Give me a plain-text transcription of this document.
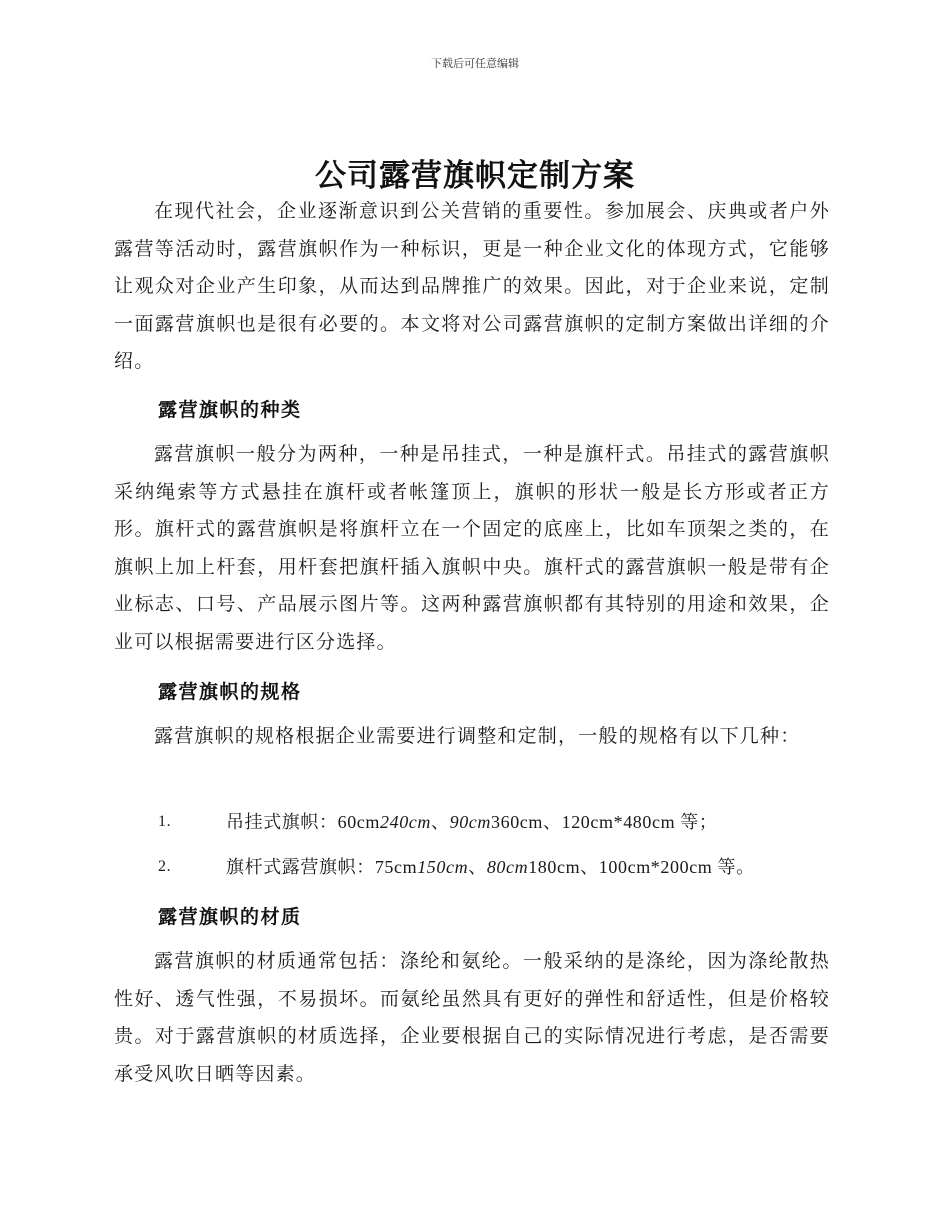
下载后可任意编辑
公司露营旗帜定制方案

在现代社会，企业逐渐意识到公关营销的重要性。参加展会、庆典或者户外露营等活动时，露营旗帜作为一种标识，更是一种企业文化的体现方式，它能够让观众对企业产生印象，从而达到品牌推广的效果。因此，对于企业来说，定制一面露营旗帜也是很有必要的。本文将对公司露营旗帜的定制方案做出详细的介绍。

露营旗帜的种类

露营旗帜一般分为两种，一种是吊挂式，一种是旗杆式。吊挂式的露营旗帜采纳绳索等方式悬挂在旗杆或者帐篷顶上，旗帜的形状一般是长方形或者正方形。旗杆式的露营旗帜是将旗杆立在一个固定的底座上，比如车顶架之类的，在旗帜上加上杆套，用杆套把旗杆插入旗帜中央。旗杆式的露营旗帜一般是带有企业标志、口号、产品展示图片等。这两种露营旗帜都有其特别的用途和效果，企业可以根据需要进行区分选择。

露营旗帜的规格

露营旗帜的规格根据企业需要进行调整和定制，一般的规格有以下几种：

1.	吊挂式旗帜：60cm240cm、90cm360cm、120cm*480cm 等；
2.	旗杆式露营旗帜：75cm150cm、80cm180cm、100cm*200cm 等。
露营旗帜的材质

露营旗帜的材质通常包括：涤纶和氨纶。一般采纳的是涤纶，因为涤纶散热性好、透气性强，不易损坏。而氨纶虽然具有更好的弹性和舒适性，但是价格较贵。对于露营旗帜的材质选择，企业要根据自己的实际情况进行考虑，是否需要承受风吹日晒等因素。
